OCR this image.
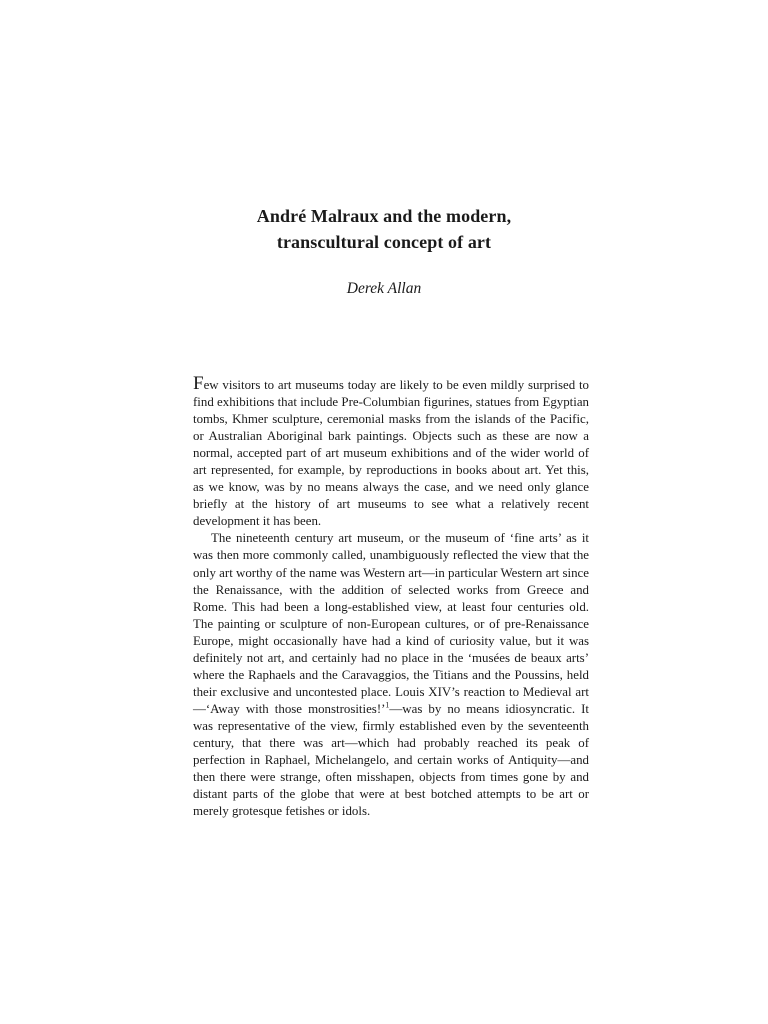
André Malraux and the modern,
transcultural concept of art
Derek Allan

Few visitors to art museums today are likely to be even mildly surprised to find exhibitions that include Pre-Columbian figurines, statues from Egyptian tombs, Khmer sculpture, ceremonial masks from the islands of the Pacific, or Australian Aboriginal bark paintings. Objects such as these are now a normal, accepted part of art museum exhibitions and of the wider world of art represented, for example, by reproductions in books about art. Yet this, as we know, was by no means always the case, and we need only glance briefly at the history of art museums to see what a relatively recent development it has been.

The nineteenth century art museum, or the museum of ‘fine arts’ as it was then more commonly called, unambiguously reflected the view that the only art worthy of the name was Western art—in particular Western art since the Renaissance, with the addition of selected works from Greece and Rome. This had been a long-established view, at least four centuries old. The painting or sculpture of non-European cultures, or of pre-Renaissance Europe, might occasionally have had a kind of curiosity value, but it was definitely not art, and certainly had no place in the ‘musées de beaux arts’ where the Raphaels and the Caravaggios, the Titians and the Poussins, held their exclusive and uncontested place. Louis XIV’s reaction to Medieval art—‘Away with those monstrosities!’$^1$—was by no means idiosyncratic. It was representative of the view, firmly established even by the seventeenth century, that there was art—which had probably reached its peak of perfection in Raphael, Michelangelo, and certain works of Antiquity—and then there were strange, often misshapen, objects from times gone by and distant parts of the globe that were at best botched attempts to be art or merely grotesque fetishes or idols.
